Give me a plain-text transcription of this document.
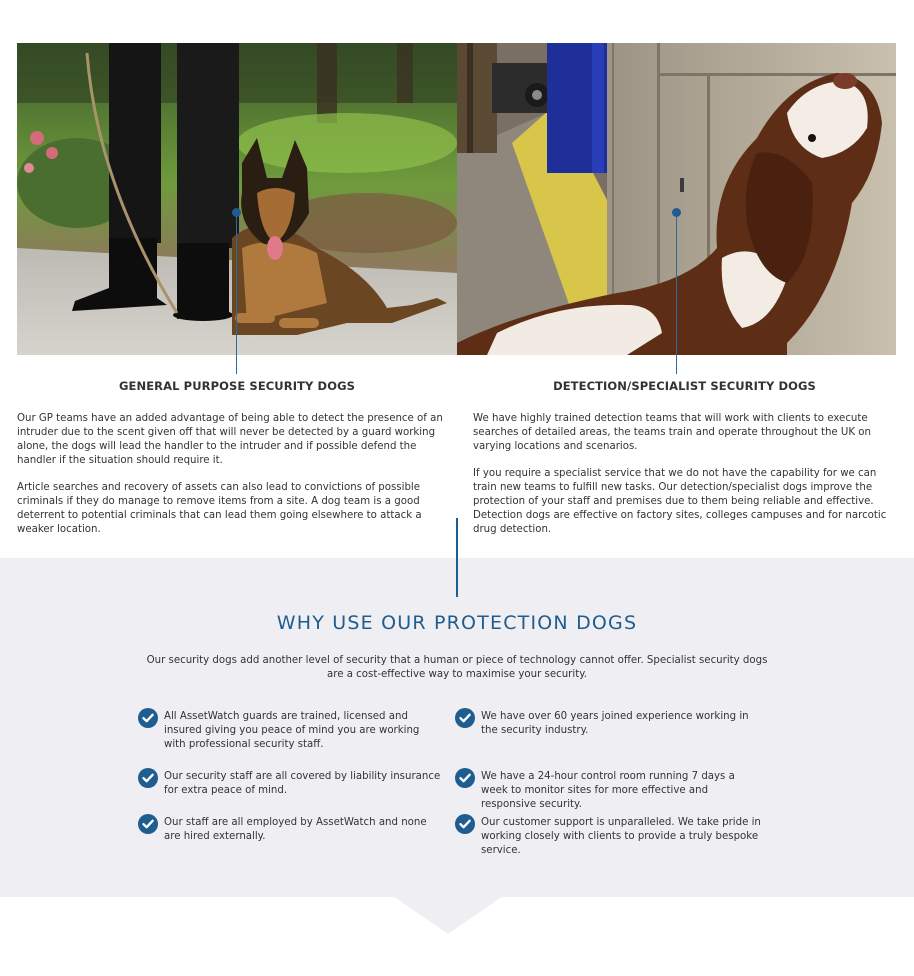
GENERAL PURPOSE SECURITY DOGS	DETECTION/SPECIALIST SECURITY DOGS

Our GP teams have an added advantage of being able to detect the presence of an intruder due to the scent given off that will never be detected by a guard working alone, the dogs will lead the handler to the intruder and if possible defend the handler if the situation should require it.

Article searches and recovery of assets can also lead to convictions of possible criminals if they do manage to remove items from a site. A dog team is a good deterrent to potential criminals that can lead them going elsewhere to attack a weaker location.

We have highly trained detection teams that will work with clients to execute searches of detailed areas, the teams train and operate throughout the UK on varying locations and scenarios.

If you require a specialist service that we do not have the capability for we can train new teams to fulfill new tasks. Our detection/specialist dogs improve the protection of your staff and premises due to them being reliable and effective. Detection dogs are effective on factory sites, colleges campuses and for narcotic drug detection.

WHY USE OUR PROTECTION DOGS
Our security dogs add another level of security that a human or piece of technology cannot offer. Specialist security dogs are a cost-effective way to maximise your security.
All AssetWatch guards are trained, licensed and insured giving you peace of mind you are working with professional security staff.
We have over 60 years joined experience working in the security industry.
Our security staff are all covered by liability insurance for extra peace of mind.
We have a 24-hour control room running 7 days a week to monitor sites for more effective and responsive security.
Our staff are all employed by AssetWatch and none are hired externally.
Our customer support is unparalleled. We take pride in working closely with clients to provide a truly bespoke service.
